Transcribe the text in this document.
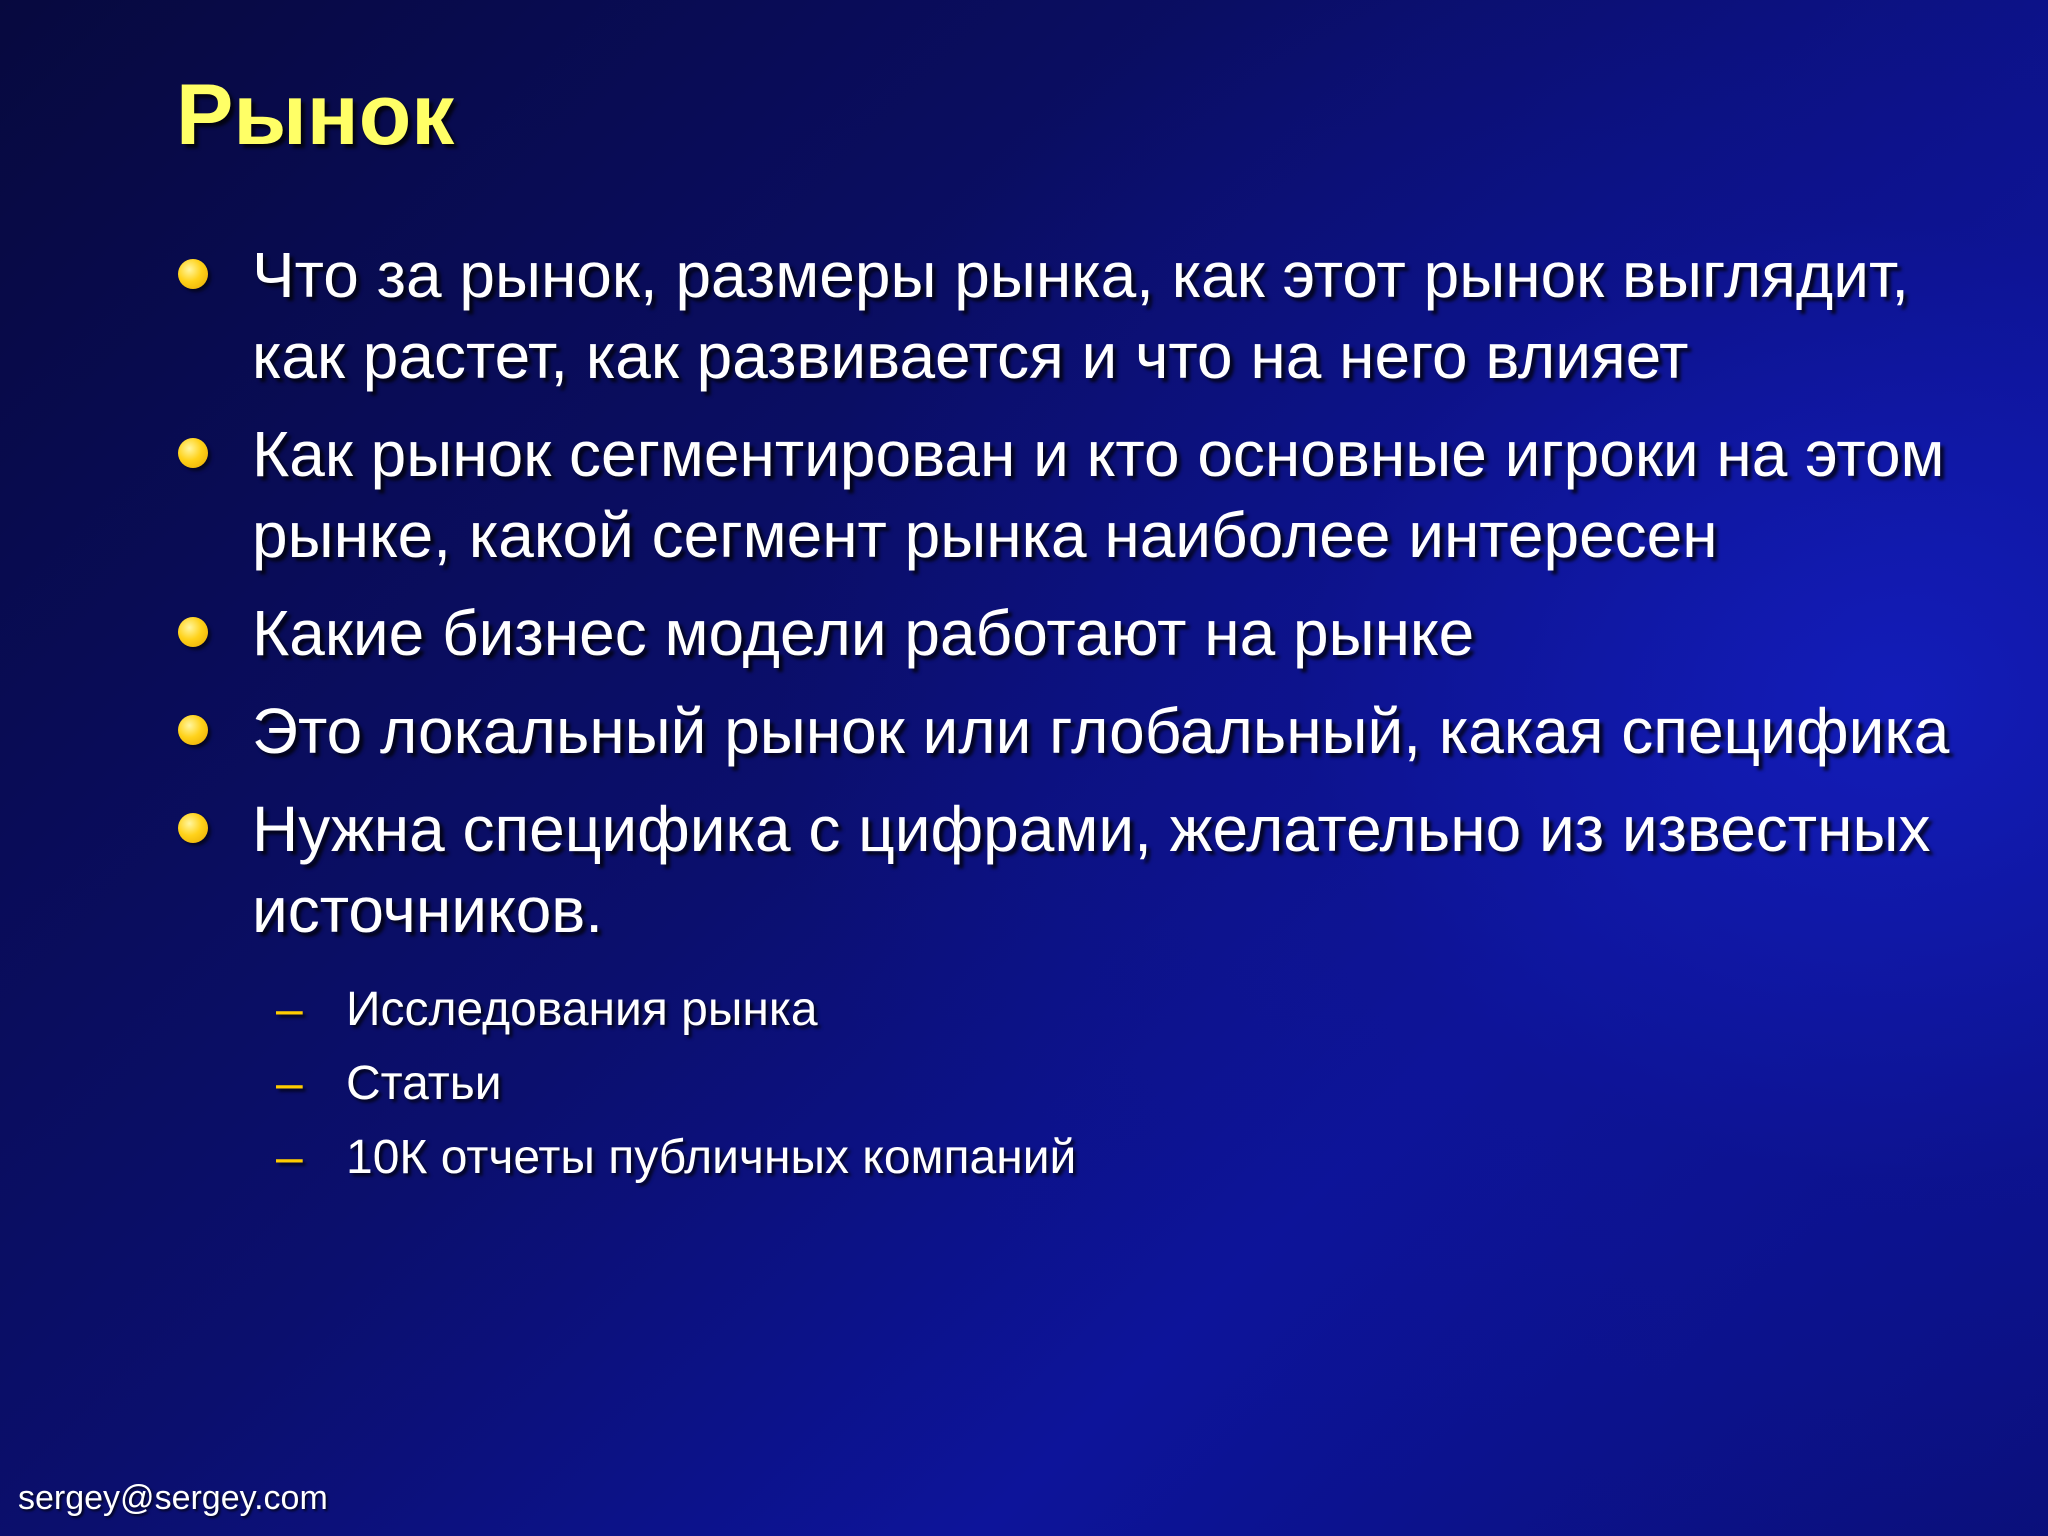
Рынок
Что за рынок, размеры рынка, как этот рынок выглядит, как растет, как развивается и что на него влияет
Как рынок сегментирован и кто основные игроки на этом рынке, какой сегмент рынка наиболее интересен
Какие бизнес модели работают на рынке
Это локальный рынок или глобальный, какая специфика
Нужна специфика с цифрами, желательно из известных источников.
– Исследования рынка
– Статьи
– 10К отчеты публичных компаний
sergey@sergey.com
